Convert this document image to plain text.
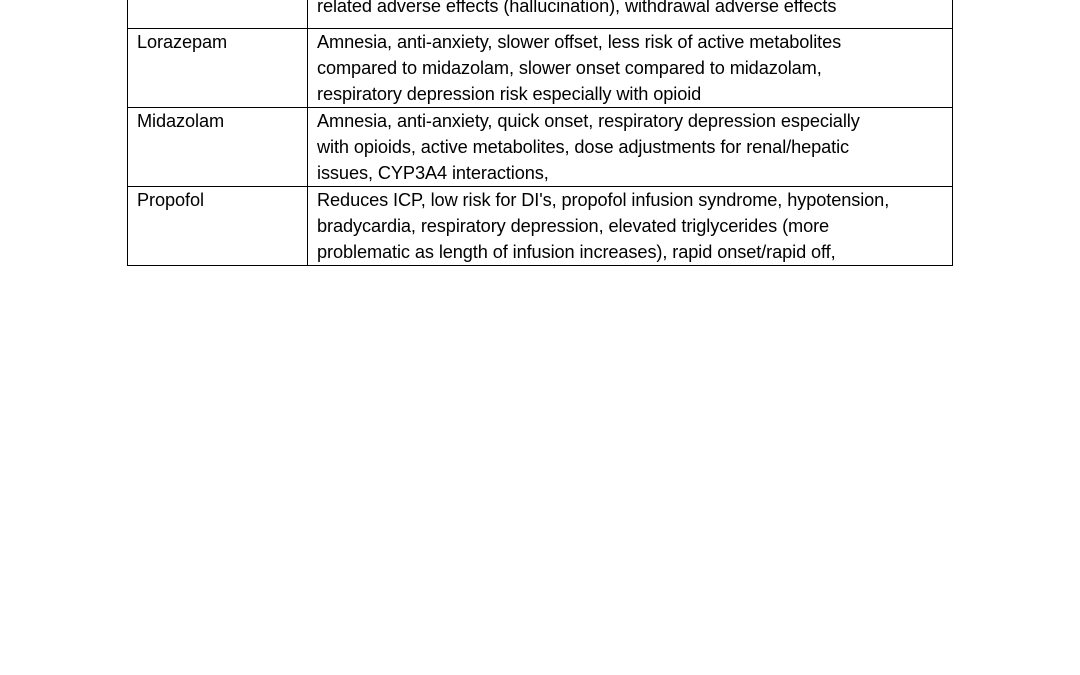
	related adverse effects (hallucination), withdrawal adverse effects

Lorazepam	Amnesia, anti-anxiety, slower offset, less risk of active metabolites
compared to midazolam, slower onset compared to midazolam,
respiratory depression risk especially with opioid

Midazolam	Amnesia, anti-anxiety, quick onset, respiratory depression especially
with opioids, active metabolites, dose adjustments for renal/hepatic
issues, CYP3A4 interactions,

Propofol	Reduces ICP, low risk for DI's, propofol infusion syndrome, hypotension,
bradycardia, respiratory depression, elevated triglycerides (more
problematic as length of infusion increases), rapid onset/rapid off,
